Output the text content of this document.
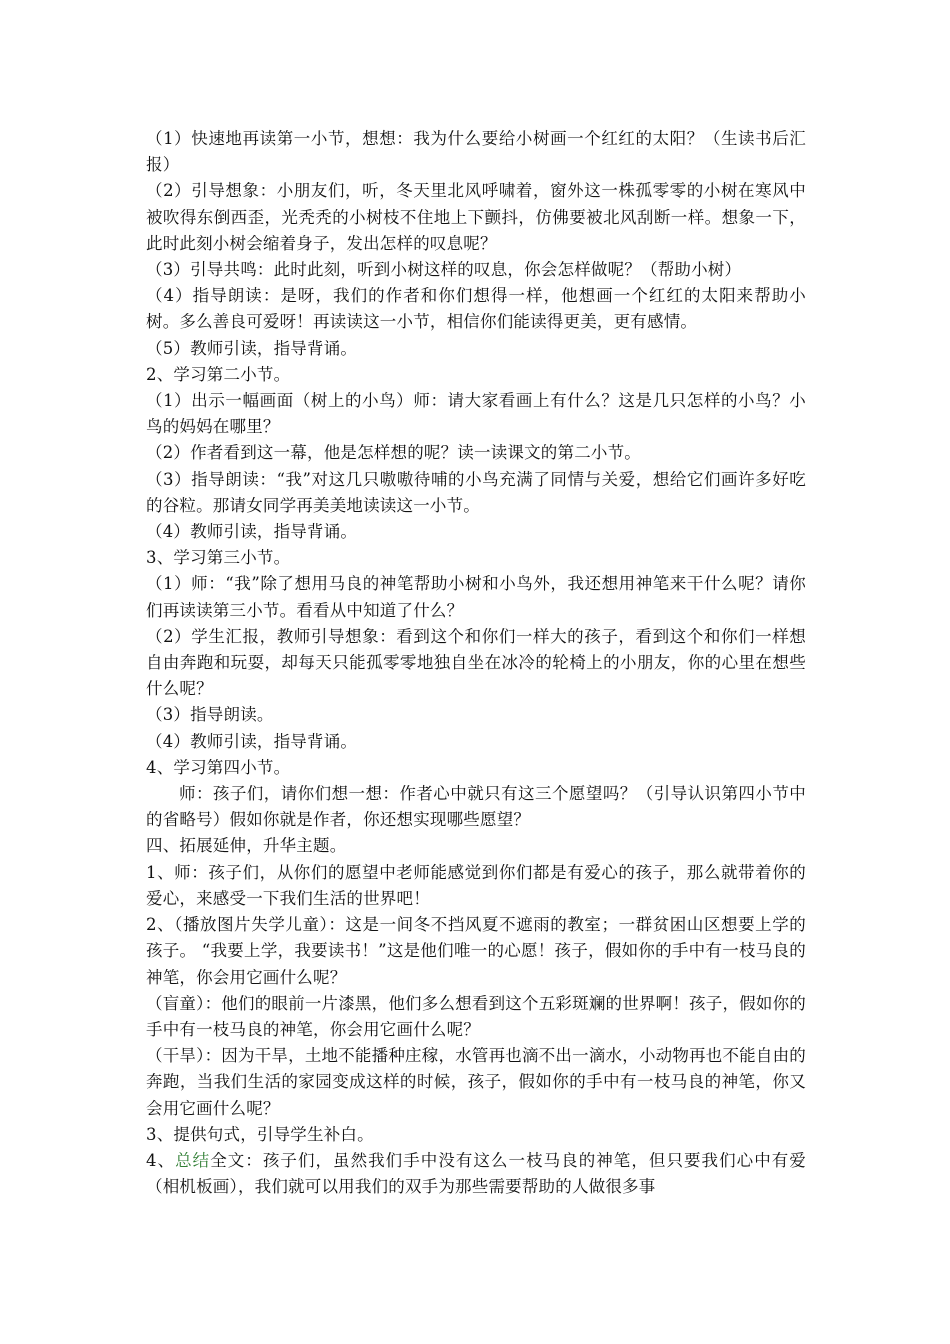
（1）快速地再读第一小节，想想：我为什么要给小树画一个红红的太阳？（生读书后汇报）

（2）引导想象：小朋友们，听，冬天里北风呼啸着，窗外这一株孤零零的小树在寒风中被吹得东倒西歪，光秃秃的小树枝不住地上下颤抖，仿佛要被北风刮断一样。想象一下，此时此刻小树会缩着身子，发出怎样的叹息呢？

（3）引导共鸣：此时此刻，听到小树这样的叹息，你会怎样做呢？（帮助小树）

（4）指导朗读：是呀，我们的作者和你们想得一样，他想画一个红红的太阳来帮助小树。多么善良可爱呀！再读读这一小节，相信你们能读得更美，更有感情。

（5）教师引读，指导背诵。

2、学习第二小节。

（1）出示一幅画面（树上的小鸟）师：请大家看画上有什么？这是几只怎样的小鸟？小鸟的妈妈在哪里？

（2）作者看到这一幕，他是怎样想的呢？读一读课文的第二小节。

（3）指导朗读：“我”对这几只嗷嗷待哺的小鸟充满了同情与关爱，想给它们画许多好吃的谷粒。那请女同学再美美地读读这一小节。

（4）教师引读，指导背诵。

3、学习第三小节。

（1）师：“我”除了想用马良的神笔帮助小树和小鸟外，我还想用神笔来干什么呢？请你们再读读第三小节。看看从中知道了什么？

（2）学生汇报，教师引导想象：看到这个和你们一样大的孩子，看到这个和你们一样想自由奔跑和玩耍，却每天只能孤零零地独自坐在冰冷的轮椅上的小朋友，你的心里在想些什么呢？

（3）指导朗读。

（4）教师引读，指导背诵。

4、学习第四小节。

师：孩子们，请你们想一想：作者心中就只有这三个愿望吗？（引导认识第四小节中的省略号）假如你就是作者，你还想实现哪些愿望？

四、拓展延伸，升华主题。

1、师：孩子们，从你们的愿望中老师能感觉到你们都是有爱心的孩子，那么就带着你的爱心，来感受一下我们生活的世界吧！

2、（播放图片失学儿童）：这是一间冬不挡风夏不遮雨的教室；一群贫困山区想要上学的孩子。 “我要上学，我要读书！”这是他们唯一的心愿！孩子，假如你的手中有一枝马良的神笔，你会用它画什么呢？

（盲童）：他们的眼前一片漆黑，他们多么想看到这个五彩斑斓的世界啊！孩子，假如你的手中有一枝马良的神笔，你会用它画什么呢？

（干旱）：因为干旱，土地不能播种庄稼，水管再也滴不出一滴水，小动物再也不能自由的奔跑，当我们生活的家园变成这样的时候，孩子，假如你的手中有一枝马良的神笔，你又会用它画什么呢？

3、提供句式，引导学生补白。

4、总结全文：孩子们，虽然我们手中没有这么一枝马良的神笔，但只要我们心中有爱（相机板画），我们就可以用我们的双手为那些需要帮助的人做很多事
